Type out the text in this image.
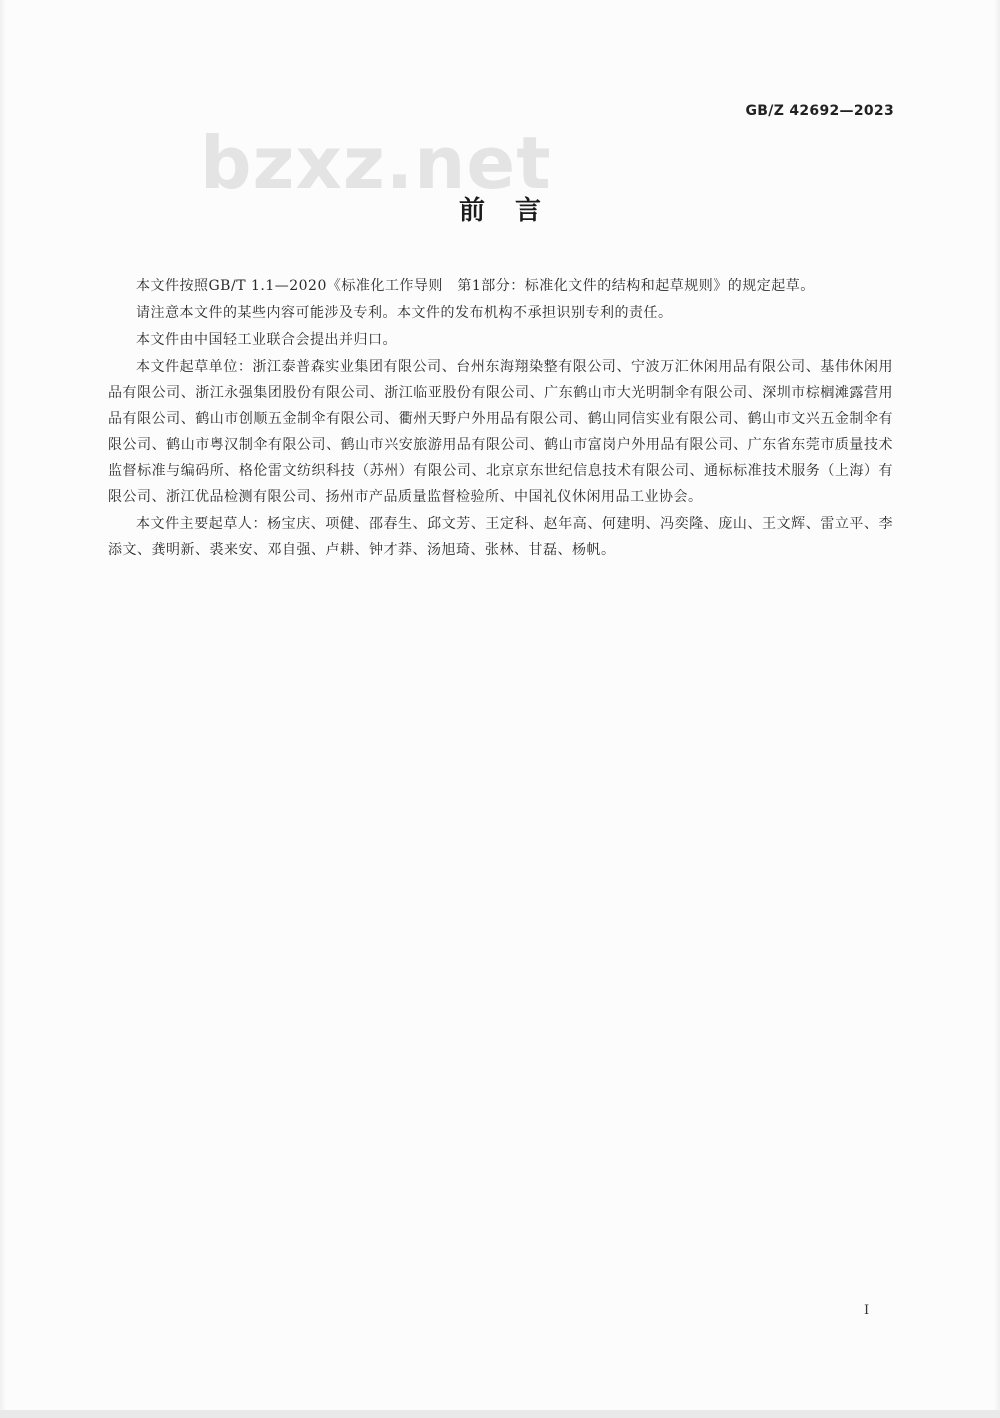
bzxz.net
GB/Z 42692—2023
前言

本文件按照GB/T 1.1—2020《标准化工作导则　第1部分：标准化文件的结构和起草规则》的规定起草。

请注意本文件的某些内容可能涉及专利。本文件的发布机构不承担识别专利的责任。

本文件由中国轻工业联合会提出并归口。

本文件起草单位：浙江泰普森实业集团有限公司、台州东海翔染整有限公司、宁波万汇休闲用品有限公司、基伟休闲用品有限公司、浙江永强集团股份有限公司、浙江临亚股份有限公司、广东鹤山市大光明制伞有限公司、深圳市棕榈滩露营用品有限公司、鹤山市创顺五金制伞有限公司、衢州天野户外用品有限公司、鹤山同信实业有限公司、鹤山市文兴五金制伞有限公司、鹤山市粤汉制伞有限公司、鹤山市兴安旅游用品有限公司、鹤山市富岗户外用品有限公司、广东省东莞市质量技术监督标准与编码所、格伦雷文纺织科技（苏州）有限公司、北京京东世纪信息技术有限公司、通标标准技术服务（上海）有限公司、浙江优品检测有限公司、扬州市产品质量监督检验所、中国礼仪休闲用品工业协会。

本文件主要起草人：杨宝庆、项健、邵春生、邱文芳、王定科、赵年高、何建明、冯奕隆、庞山、王文辉、雷立平、李添文、龚明新、裘来安、邓自强、卢耕、钟才莽、汤旭琦、张林、甘磊、杨帆。

I
